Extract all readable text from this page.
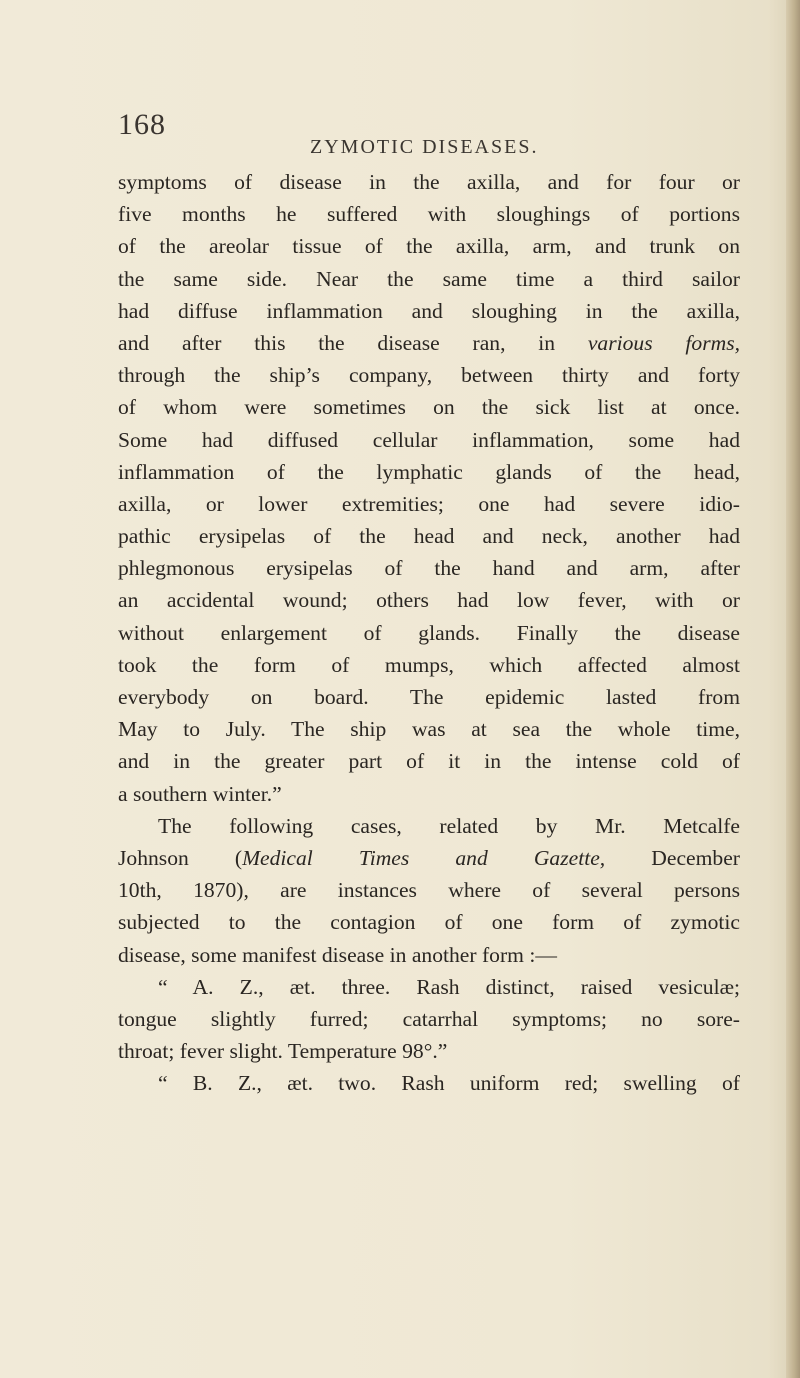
168
ZYMOTIC DISEASES.
symptoms of disease in the axilla, and for four or
five months he suffered with sloughings of portions
of the areolar tissue of the axilla, arm, and trunk on
the same side. Near the same time a third sailor
had diffuse inflammation and sloughing in the axilla,
and after this the disease ran, in various forms,
through the ship’s company, between thirty and forty
of whom were sometimes on the sick list at once.
Some had diffused cellular inflammation, some had
inflammation of the lymphatic glands of the head,
axilla, or lower extremities; one had severe idio-
pathic erysipelas of the head and neck, another had
phlegmonous erysipelas of the hand and arm, after
an accidental wound; others had low fever, with or
without enlargement of glands. Finally the disease
took the form of mumps, which affected almost
everybody on board. The epidemic lasted from
May to July. The ship was at sea the whole time,
and in the greater part of it in the intense cold of
a southern winter.”
The following cases, related by Mr. Metcalfe
Johnson (Medical Times and Gazette, December
10th, 1870), are instances where of several persons
subjected to the contagion of one form of zymotic
disease, some manifest disease in another form :—
“ A. Z., æt. three. Rash distinct, raised vesiculæ;
tongue slightly furred; catarrhal symptoms; no sore-
throat; fever slight. Temperature 98°.”
“ B. Z., æt. two. Rash uniform red; swelling of
